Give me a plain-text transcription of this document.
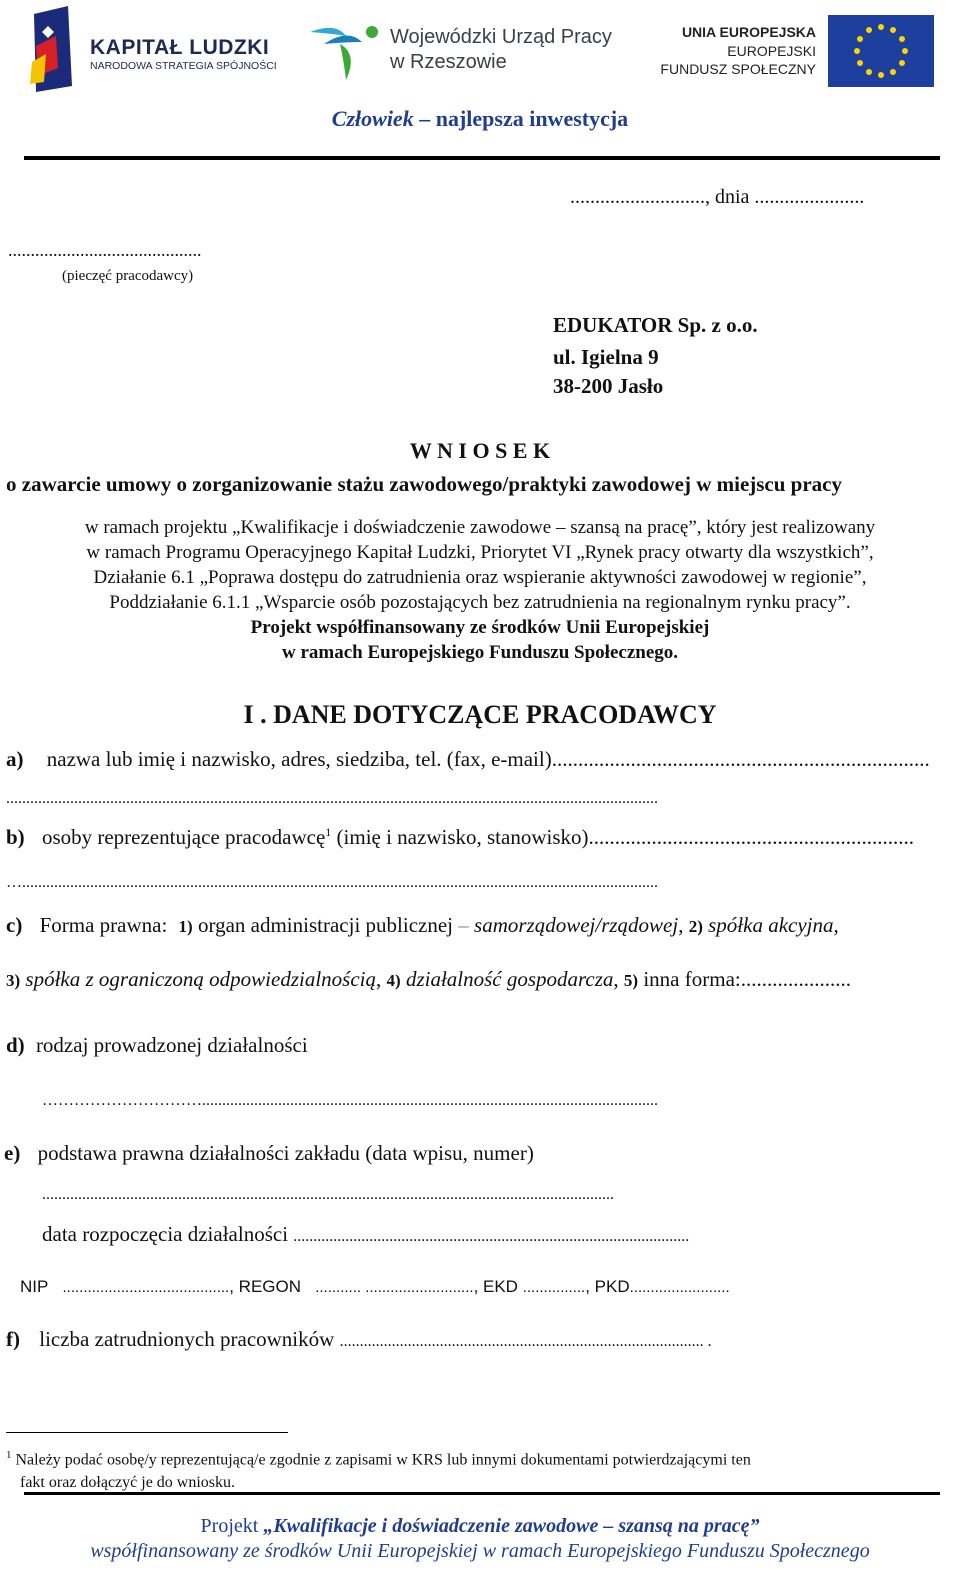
KAPITAŁ LUDZKI
NARODOWA STRATEGIA SPÓJNOŚCI
Wojewódzki Urząd Pracy
w Rzeszowie
UNIA EUROPEJSKA
EUROPEJSKI
FUNDUSZ SPOŁECZNY
Człowiek – najlepsza inwestycja
..........................., dnia ......................
...........................................
(pieczęć pracodawcy)
EDUKATOR Sp. z o.o.
ul. Igielna 9
38-200 Jasło
W N I O S E K
o zawarcie umowy o zorganizowanie stażu zawodowego/praktyki zawodowej w miejscu pracy
w ramach projektu „Kwalifikacje i doświadczenie zawodowe – szansą na pracę”, który jest realizowany
w ramach Programu Operacyjnego Kapitał Ludzki, Priorytet VI „Rynek pracy otwarty dla wszystkich”,
Działanie 6.1 „Poprawa dostępu do zatrudnienia oraz wspieranie aktywności zawodowej w regionie”,
Poddziałanie 6.1.1 „Wsparcie osób pozostających bez zatrudnienia na regionalnym rynku pracy”.
Projekt współfinansowany ze środków Unii Europejskiej
w ramach Europejskiego Funduszu Społecznego.
I . DANE DOTYCZĄCE PRACODAWCY
a) nazwa lub imię i nazwisko, adres, siedziba, tel. (fax, e-mail)........................................................................
...................................................................................................................................................................
b) osoby reprezentujące pracodawcę$^1$ (imię i nazwisko, stanowisko)..............................................................
…...............................................................................................................................................................
c) Forma prawna: 1) organ administracji publicznej – samorządowej/rządowej, 2) spółka akcyjna,
3) spółka z ograniczoną odpowiedzialnością, 4) działalność gospodarcza, 5) inna forma:.....................
d) rodzaj prowadzonej działalności
…………………………..................................................................................................................
e) podstawa prawna działalności zakładu (data wpisu, numer)
...............................................................................................................................................
data rozpoczęcia działalności ...................................................................................................
NIP ........................................, REGON ........... .........................., EKD ..............., PKD........................
f) liczba zatrudnionych pracowników ........................................................................................... .
$^1$ Należy podać osobę/y reprezentującą/e zgodnie z zapisami w KRS lub innymi dokumentami potwierdzającymi ten
fakt oraz dołączyć je do wniosku.
Projekt „Kwalifikacje i doświadczenie zawodowe – szansą na pracę”
współfinansowany ze środków Unii Europejskiej w ramach Europejskiego Funduszu Społecznego
